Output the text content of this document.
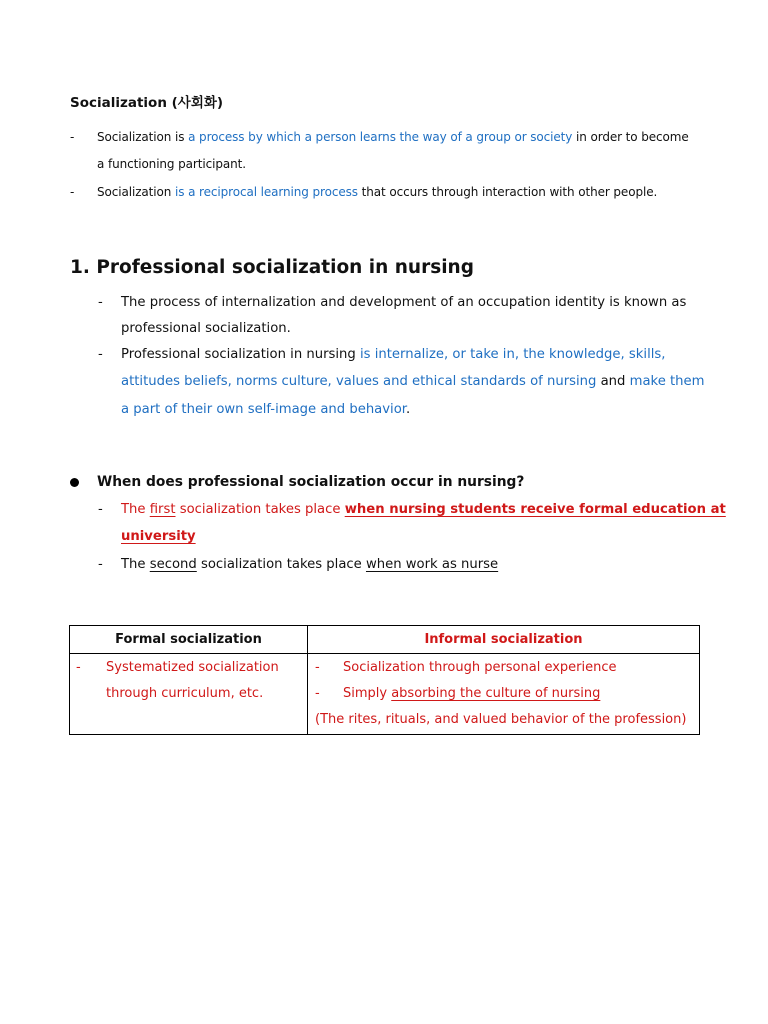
Socialization (사회화)
- Socialization is a process by which a person learns the way of a group or society in order to become
a functioning participant.
- Socialization is a reciprocal learning process that occurs through interaction with other people.
1. Professional socialization in nursing
- The process of internalization and development of an occupation identity is known as
professional socialization.
- Professional socialization in nursing is internalize, or take in, the knowledge, skills,
attitudes beliefs, norms culture, values and ethical standards of nursing and make them
a part of their own self-image and behavior.
When does professional socialization occur in nursing?
- The first socialization takes place when nursing students receive formal education at
university
- The second socialization takes place when work as nurse
Formal socialization	Informal socialization

- Systematized socialization
through curriculum, etc.	- Socialization through personal experience
- Simply absorbing the culture of nursing
(The rites, rituals, and valued behavior of the profession)
